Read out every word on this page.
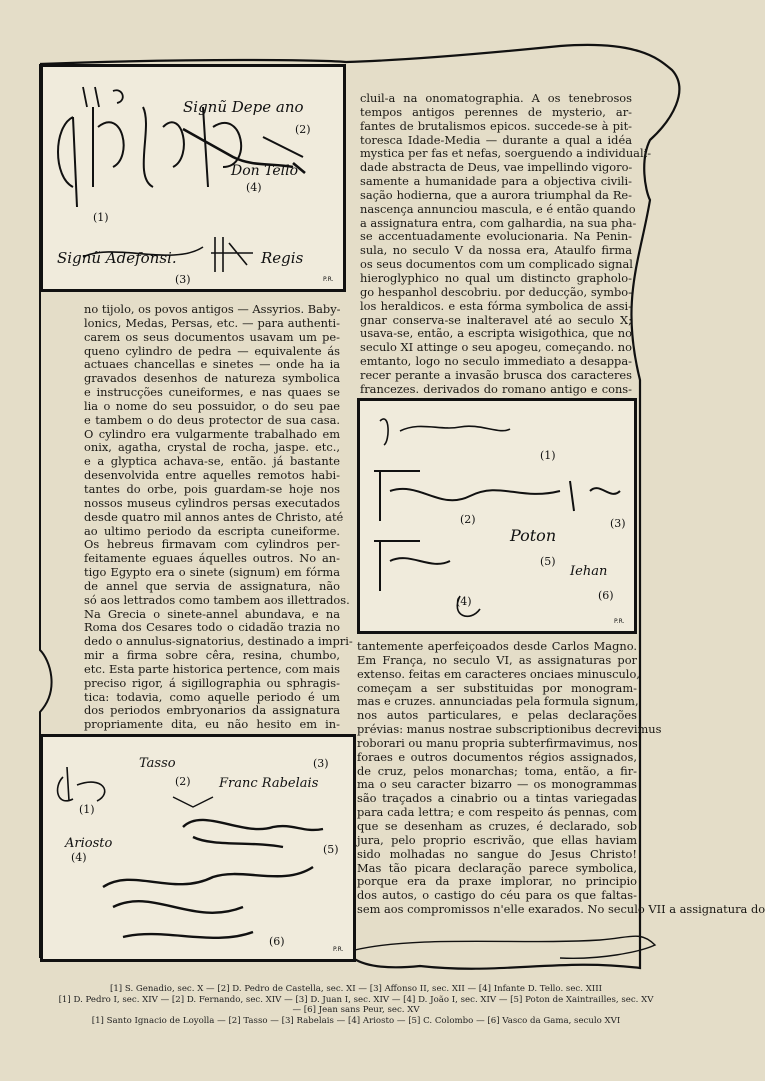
Signũ Depe ano
Don Tello
Signũ Adefonsi.	Regis
(1)
(2)
(3)
(4)
P.R.
Poton
Iehan
(1)
(2)	(3)
(4)
(5)
(6)
P.R.
Tasso
Franc Rabelais
Ariosto
(1)
(2)
(3)
(4)
(5)
(6)
P.R.
cluil-a na onomatographia. A os tenebrosos
tempos antigos perennes de mysterio, ar-
fantes de brutalismos epicos. succede-se à pit-
toresca Idade-Media — durante a qual a idéa
mystica per fas et nefas, soerguendo a individuali-
dade abstracta de Deus, vae impellindo vigoro-
samente a humanidade para a objectiva civili-
sação hodierna, que a aurora triumphal da Re-
nascença annunciou mascula, e é então quando
a assignatura entra, com galhardia, na sua pha-
se accentuadamente evolucionaria. Na Penin-
sula, no seculo V da nossa era, Ataulfo firma
os seus documentos com um complicado signal
hieroglyphico no qual um distincto grapholo-
go hespanhol descobriu. por deducção, symbo-
los heraldicos. e esta fórma symbolica de assi-
gnar conserva-se inalteravel até ao seculo X;
usava-se, então, a escripta wisigothica, que no
seculo XI attinge o seu apogeu, começando. no
emtanto, logo no seculo immediato a desappa-
recer perante a invasão brusca dos caracteres
francezes. derivados do romano antigo e cons-
no tijolo, os povos antigos — Assyrios. Baby-
lonics, Medas, Persas, etc. — para authenti-
carem os seus documentos usavam um pe-
queno cylindro de pedra — equivalente ás
actuaes chancellas e sinetes — onde ha ia
gravados desenhos de natureza symbolica
e instrucções cuneiformes, e nas quaes se
lia o nome do seu possuidor, o do seu pae
e tambem o do deus protector de sua casa.
O cylindro era vulgarmente trabalhado em
onix, agatha, crystal de rocha, jaspe. etc.,
e a glyptica achava-se, então. já bastante
desenvolvida entre aquelles remotos habi-
tantes do orbe, pois guardam-se hoje nos
nossos museus cylindros persas executados
desde quatro mil annos antes de Christo, até
ao ultimo periodo da escripta cuneiforme.
Os hebreus firmavam com cylindros per-
feitamente eguaes áquelles outros. No an-
tigo Egypto era o sinete (signum) em fórma
de annel que servia de assignatura, não
só aos lettrados como tambem aos illettrados.
Na Grecia o sinete-annel abundava, e na
Roma dos Cesares todo o cidadão trazia no
dedo o annulus-signatorius, destinado a impri-
mir a firma sobre cêra, resina, chumbo,
etc. Esta parte historica pertence, com mais
preciso rigor, á sigillographia ou sphragis-
tica: todavia, como aquelle periodo é um
dos periodos embryonarios da assignatura
propriamente dita, eu não hesito em in-
tantemente aperfeiçoados desde Carlos Magno.
Em França, no seculo VI, as assignaturas por
extenso. feitas em caracteres onciaes minusculo,
começam a ser substituidas por monogram-
mas e cruzes. annunciadas pela formula signum,
nos autos particulares, e pelas declarações
prévias: manus nostrae subscriptionibus decrevimus
roborari ou manu propria subterfirmavimus, nos
foraes e outros documentos régios assignados,
de cruz, pelos monarchas; toma, então, a fir-
ma o seu caracter bizarro — os monogrammas
são traçados a cinabrio ou a tintas variegadas
para cada lettra; e com respeito ás pennas, com
que se desenham as cruzes, é declarado, sob
jura, pelo proprio escrivão, que ellas haviam
sido molhadas no sangue do Jesus Christo!
Mas tão picara declaração parece symbolica,
porque era da praxe implorar, no principio
dos autos, o castigo do céu para os que faltas-
sem aos compromissos n'elle exarados. No seculo VII a assignatura do
[1] S. Genadio, sec. X — [2] D. Pedro de Castella, sec. XI — [3] Affonso II, sec. XII — [4] Infante D. Tello. sec. XIII
[1] D. Pedro I, sec. XIV — [2] D. Fernando, sec. XIV — [3] D. Juan I, sec. XIV — [4] D. João I, sec. XIV — [5] Poton de Xaintrailles, sec. XV
— [6] Jean sans Peur, sec. XV
[1] Santo Ignacio de Loyolla — [2] Tasso — [3] Rabelais — [4] Ariosto — [5] C. Colombo — [6] Vasco da Gama, seculo XVI
